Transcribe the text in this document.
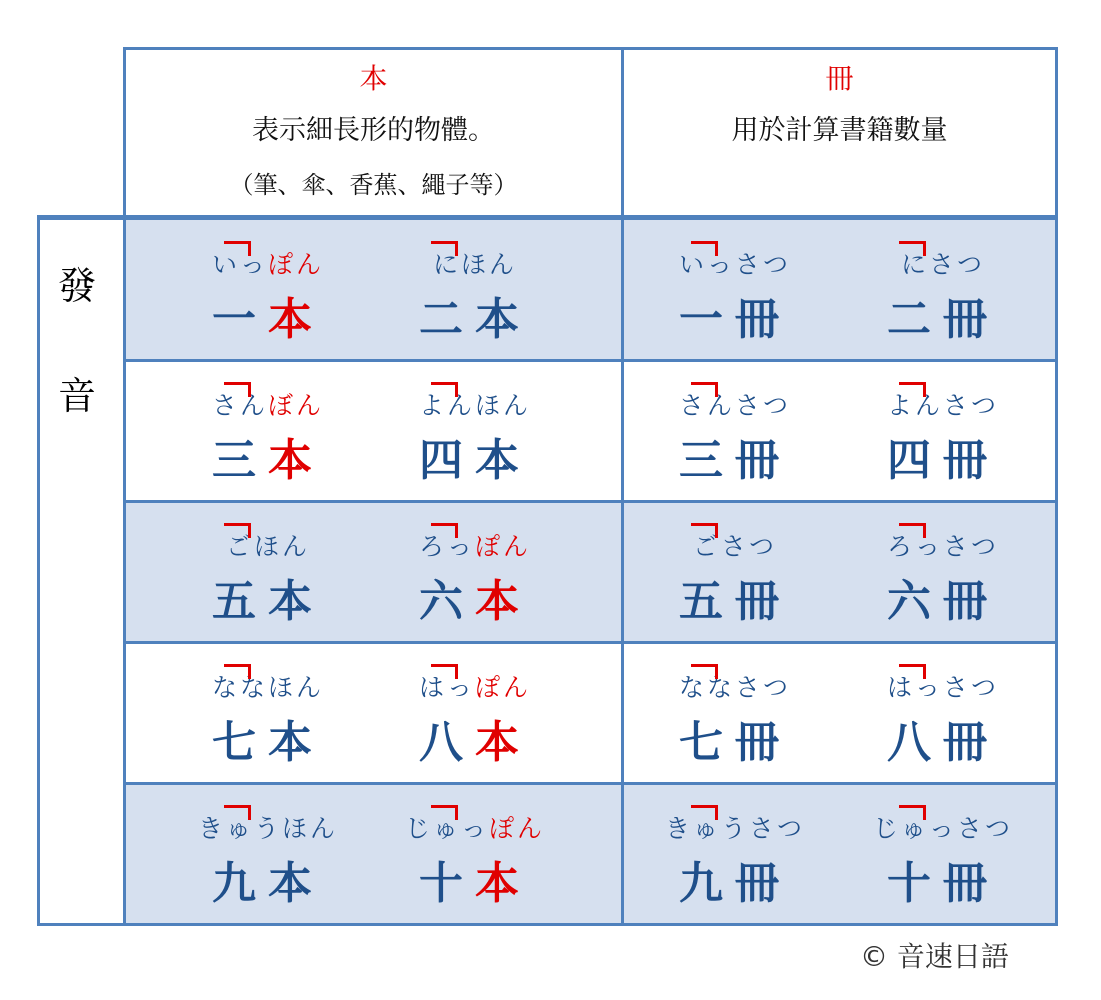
本
表示細長形的物體。
（筆、傘、香蕉、繩子等）
冊
用於計算書籍數量
發
音
いっぽん
一本
にほん
二本
いっさつ
一冊
にさつ
二冊
さんぼん
三本
よんほん
四本
さんさつ
三冊
よんさつ
四冊
ごほん
五本
ろっぽん
六本
ごさつ
五冊
ろっさつ
六冊
ななほん
七本
はっぽん
八本
ななさつ
七冊
はっさつ
八冊
きゅうほん
九本
じゅっぽん
十本
きゅうさつ
九冊
じゅっさつ
十冊
© 音速日語
